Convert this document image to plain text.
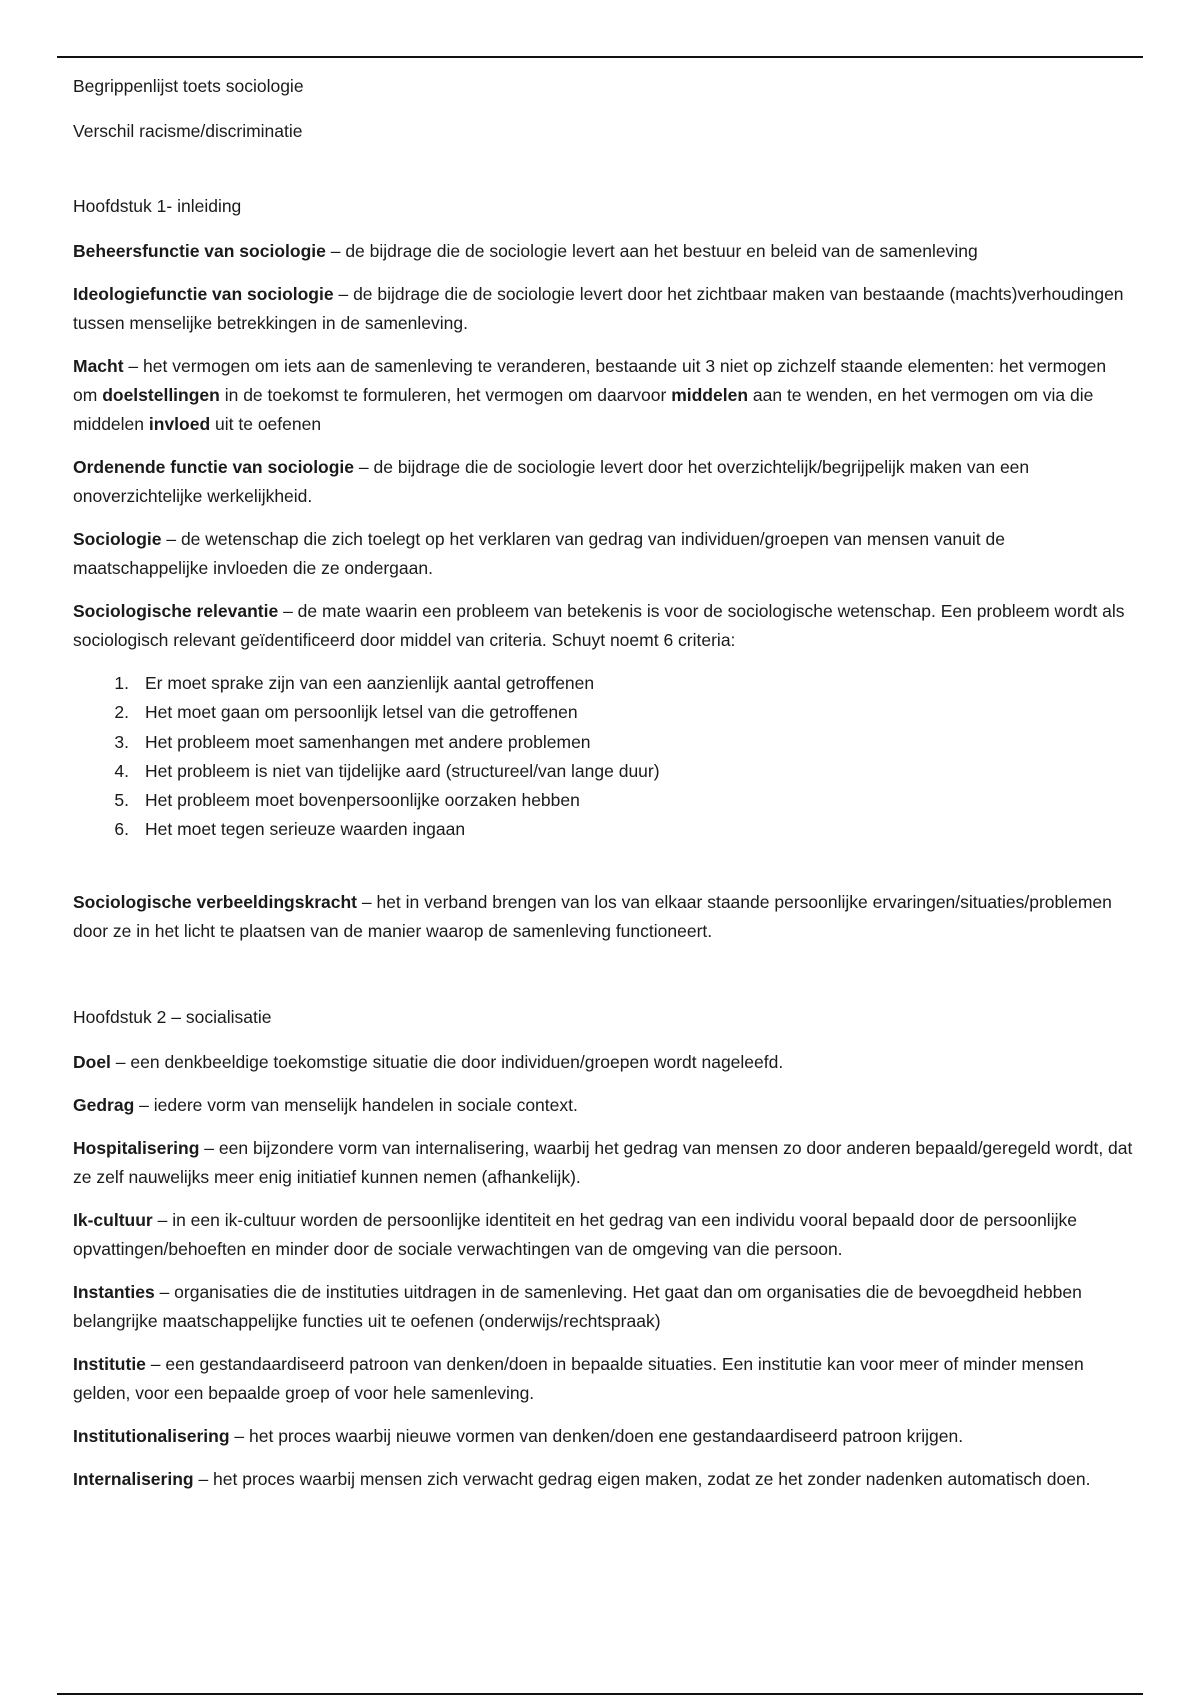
Begrippenlijst toets sociologie

Verschil racisme/discriminatie

Hoofdstuk 1- inleiding

Beheersfunctie van sociologie – de bijdrage die de sociologie levert aan het bestuur en beleid van de samenleving

Ideologiefunctie van sociologie – de bijdrage die de sociologie levert door het zichtbaar maken van bestaande (machts)verhoudingen tussen menselijke betrekkingen in de samenleving.

Macht – het vermogen om iets aan de samenleving te veranderen, bestaande uit 3 niet op zichzelf staande elementen: het vermogen om doelstellingen in de toekomst te formuleren, het vermogen om daarvoor middelen aan te wenden, en het vermogen om via die middelen invloed uit te oefenen

Ordenende functie van sociologie – de bijdrage die de sociologie levert door het overzichtelijk/begrijpelijk maken van een onoverzichtelijke werkelijkheid.

Sociologie – de wetenschap die zich toelegt op het verklaren van gedrag van individuen/groepen van mensen vanuit de maatschappelijke invloeden die ze ondergaan.

Sociologische relevantie – de mate waarin een probleem van betekenis is voor de sociologische wetenschap. Een probleem wordt als sociologisch relevant geïdentificeerd door middel van criteria. Schuyt noemt 6 criteria:

1. Er moet sprake zijn van een aanzienlijk aantal getroffenen
2. Het moet gaan om persoonlijk letsel van die getroffenen
3. Het probleem moet samenhangen met andere problemen
4. Het probleem is niet van tijdelijke aard (structureel/van lange duur)
5. Het probleem moet bovenpersoonlijke oorzaken hebben
6. Het moet tegen serieuze waarden ingaan

Sociologische verbeeldingskracht – het in verband brengen van los van elkaar staande persoonlijke ervaringen/situaties/problemen door ze in het licht te plaatsen van de manier waarop de samenleving functioneert.

Hoofdstuk 2 – socialisatie

Doel – een denkbeeldige toekomstige situatie die door individuen/groepen wordt nageleefd.

Gedrag – iedere vorm van menselijk handelen in sociale context.

Hospitalisering – een bijzondere vorm van internalisering, waarbij het gedrag van mensen zo door anderen bepaald/geregeld wordt, dat ze zelf nauwelijks meer enig initiatief kunnen nemen (afhankelijk).

Ik-cultuur – in een ik-cultuur worden de persoonlijke identiteit en het gedrag van een individu vooral bepaald door de persoonlijke opvattingen/behoeften en minder door de sociale verwachtingen van de omgeving van die persoon.

Instanties – organisaties die de instituties uitdragen in de samenleving. Het gaat dan om organisaties die de bevoegdheid hebben belangrijke maatschappelijke functies uit te oefenen (onderwijs/rechtspraak)

Institutie – een gestandaardiseerd patroon van denken/doen in bepaalde situaties. Een institutie kan voor meer of minder mensen gelden, voor een bepaalde groep of voor hele samenleving.

Institutionalisering – het proces waarbij nieuwe vormen van denken/doen ene gestandaardiseerd patroon krijgen.

Internalisering – het proces waarbij mensen zich verwacht gedrag eigen maken, zodat ze het zonder nadenken automatisch doen.
